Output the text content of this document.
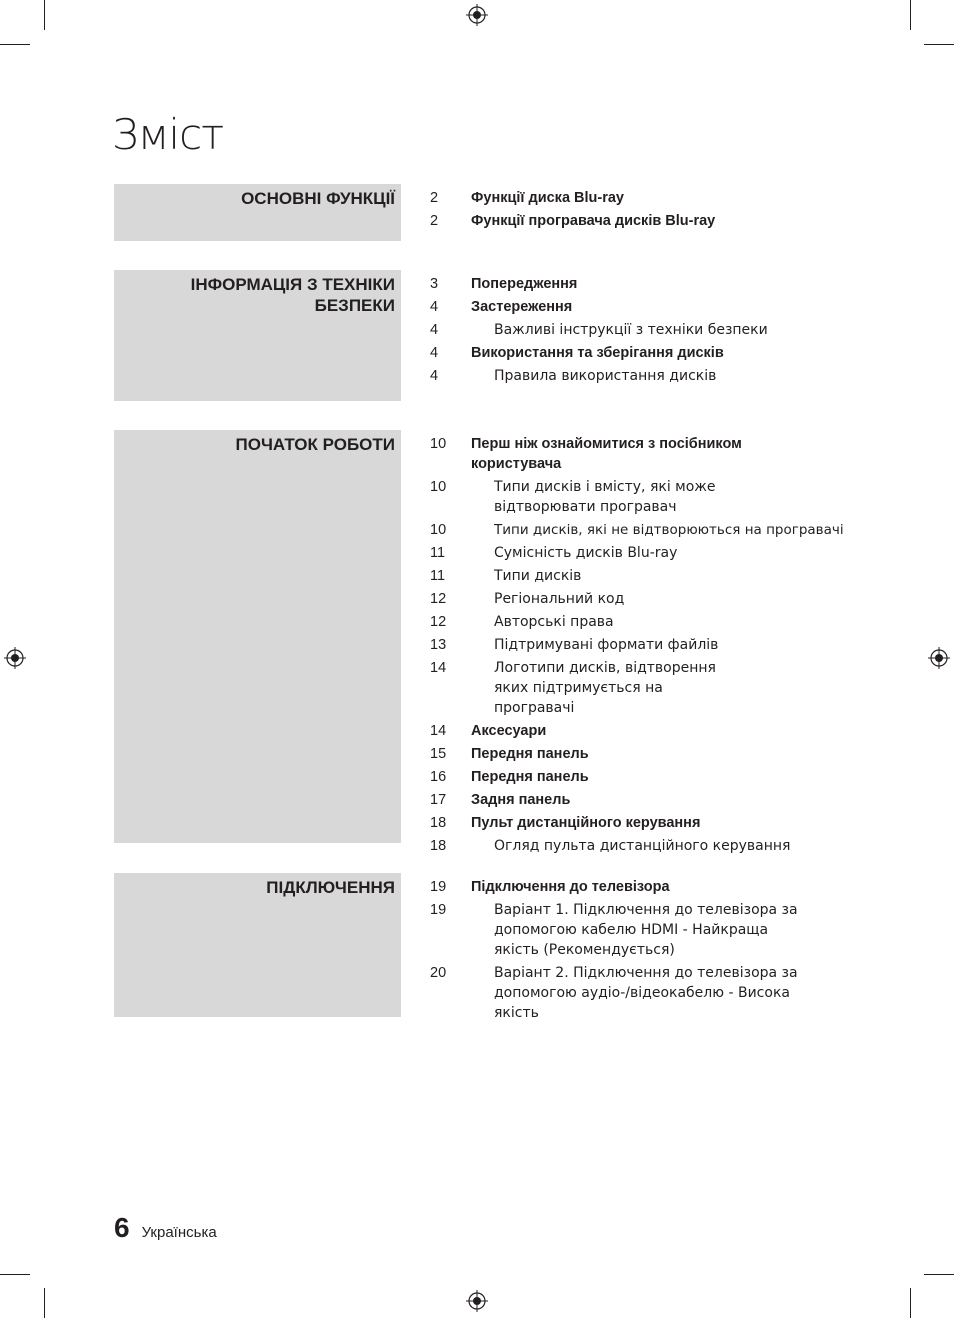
Зміст
ОСНОВНІ ФУНКЦІЇ 2	Функції диска Blu-ray
2	Функції програвача дисків Blu-ray
ІНФОРМАЦІЯ З ТЕХНІКИ БЕЗПЕКИ
3	Попередження
4	Застереження
4	Важливі інструкції з техніки безпеки
4	Використання та зберігання дисків
4	Правила використання дисків
ПОЧАТОК РОБОТИ 10	Перш ніж ознайомитися з посібником користувача
10	Типи дисків і вмісту, які може відтворювати програвач
10	Типи дисків, які не відтворюються на програвачі
11	Сумісність дисків Blu-ray
11	Типи дисків
12	Регіональний код
12	Авторські права
13	Підтримувані формати файлів
14	Логотипи дисків, відтворення яких підтримується на програвачі
14	Аксесуари
15	Передня панель
16	Передня панель
17	Задня панель
18	Пульт дистанційного керування
18	Огляд пульта дистанційного керування
ПІДКЛЮЧЕННЯ 19	Підключення до телевізора
19	Варіант 1. Підключення до телевізора за допомогою кабелю HDMI - Найкраща якість (Рекомендується)
20	Варіант 2. Підключення до телевізора за допомогою аудіо-/відеокабелю - Висока якість
6 Українська
